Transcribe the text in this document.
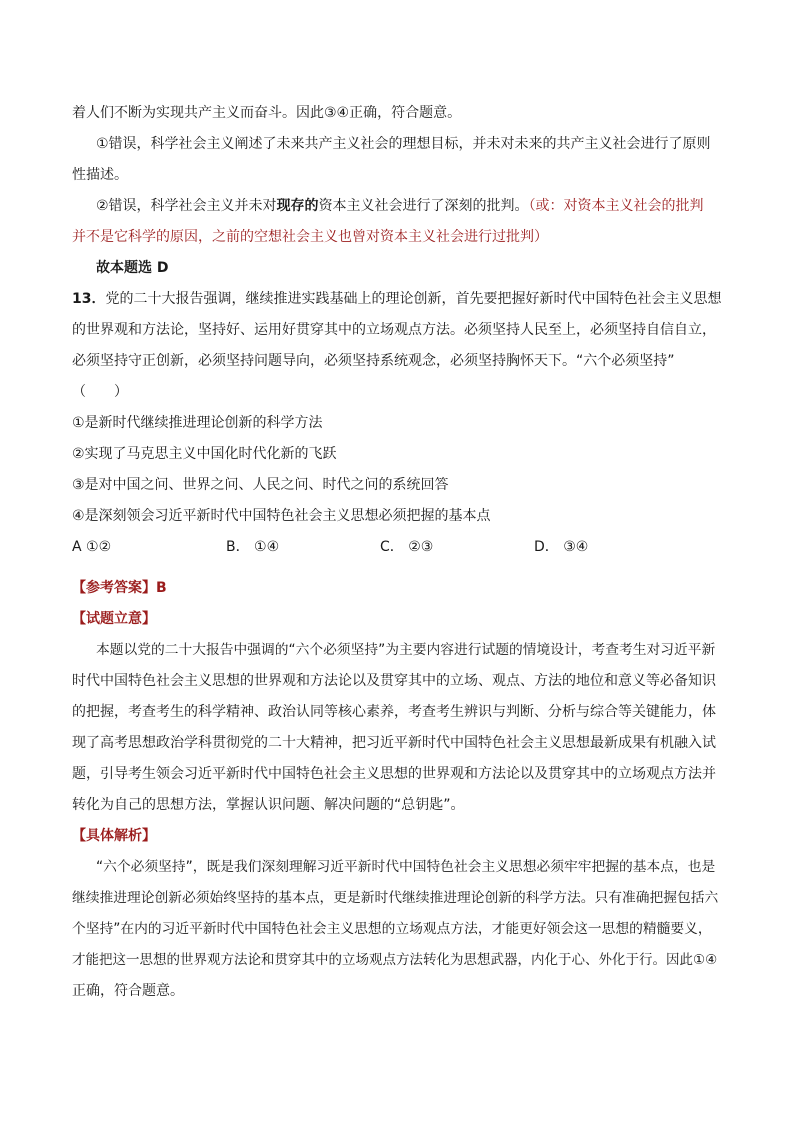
着人们不断为实现共产主义而奋斗。因此③④正确，符合题意。
①错误，科学社会主义阐述了未来共产主义社会的理想目标，并未对未来的共产主义社会进行了原则
性描述。
②错误，科学社会主义并未对现存的资本主义社会进行了深刻的批判。（或：对资本主义社会的批判
并不是它科学的原因，之前的空想社会主义也曾对资本主义社会进行过批判）
故本题选 D
13．党的二十大报告强调，继续推进实践基础上的理论创新，首先要把握好新时代中国特色社会主义思想
的世界观和方法论，坚持好、运用好贯穿其中的立场观点方法。必须坚持人民至上，必须坚持自信自立，
必须坚持守正创新，必须坚持问题导向，必须坚持系统观念，必须坚持胸怀天下。“六个必须坚持”
（　　）
①是新时代继续推进理论创新的科学方法
②实现了马克思主义中国化时代化新的飞跃
③是对中国之问、世界之问、人民之问、时代之问的系统回答
④是深刻领会习近平新时代中国特色社会主义思想必须把握的基本点
A ①②	B． ①④	C． ②③	D． ③④
【参考答案】B
【试题立意】
本题以党的二十大报告中强调的“六个必须坚持”为主要内容进行试题的情境设计，考查考生对习近平新
时代中国特色社会主义思想的世界观和方法论以及贯穿其中的立场、观点、方法的地位和意义等必备知识
的把握，考查考生的科学精神、政治认同等核心素养，考查考生辨识与判断、分析与综合等关键能力，体
现了高考思想政治学科贯彻党的二十大精神，把习近平新时代中国特色社会主义思想最新成果有机融入试
题，引导考生领会习近平新时代中国特色社会主义思想的世界观和方法论以及贯穿其中的立场观点方法并
转化为自己的思想方法，掌握认识问题、解决问题的“总钥匙”。
【具体解析】
“六个必须坚持”，既是我们深刻理解习近平新时代中国特色社会主义思想必须牢牢把握的基本点，也是
继续推进理论创新必须始终坚持的基本点，更是新时代继续推进理论创新的科学方法。只有准确把握包括六
个坚持”在内的习近平新时代中国特色社会主义思想的立场观点方法，才能更好领会这一思想的精髓要义，
才能把这一思想的世界观方法论和贯穿其中的立场观点方法转化为思想武器，内化于心、外化于行。因此①④
正确，符合题意。
